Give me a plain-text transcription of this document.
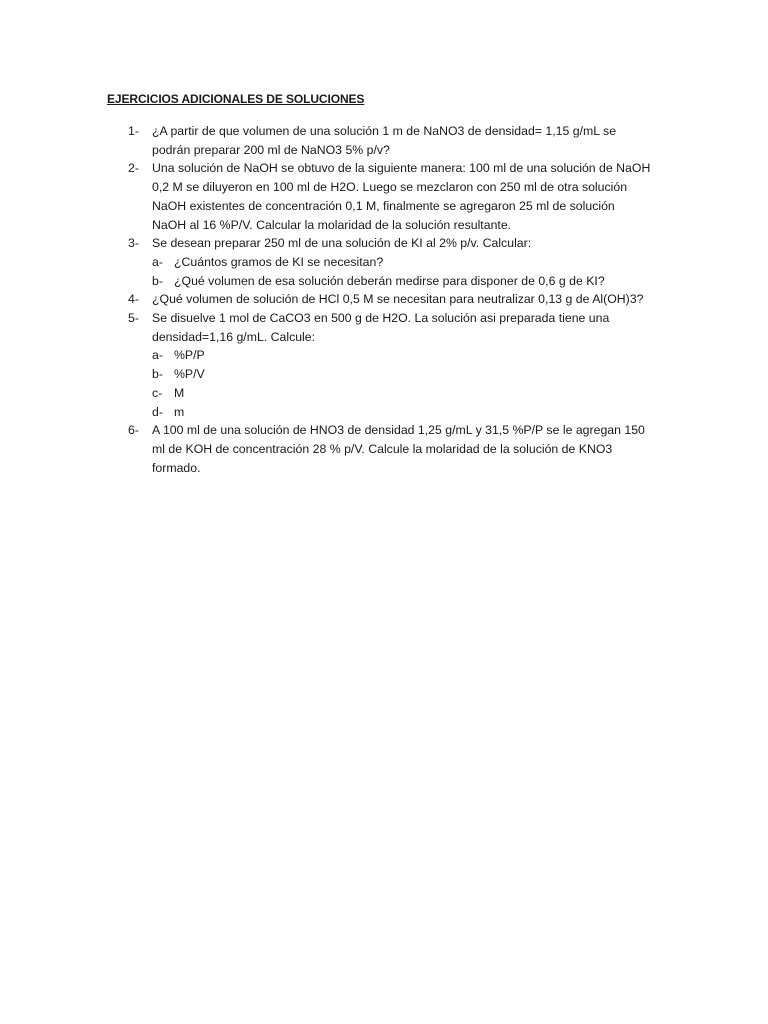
EJERCICIOS ADICIONALES DE SOLUCIONES
1- ¿A partir de que volumen de una solución 1 m de NaNO3 de densidad= 1,15 g/mL se
podrán preparar 200 ml de NaNO3 5% p/v?
2- Una solución de NaOH se obtuvo de la siguiente manera: 100 ml de una solución de NaOH
0,2 M se diluyeron en 100 ml de H2O. Luego se mezclaron con 250 ml de otra solución
NaOH existentes de concentración 0,1 M, finalmente se agregaron 25 ml de solución
NaOH al 16 %P/V. Calcular la molaridad de la solución resultante.
3- Se desean preparar 250 ml de una solución de KI al 2% p/v. Calcular:
a- ¿Cuántos gramos de KI se necesitan?
b- ¿Qué volumen de esa solución deberán medirse para disponer de 0,6 g de KI?
4- ¿Qué volumen de solución de HCl 0,5 M se necesitan para neutralizar 0,13 g de Al(OH)3?
5- Se disuelve 1 mol de CaCO3 en 500 g de H2O. La solución asi preparada tiene una
densidad=1,16 g/mL. Calcule:
a- %P/P
b- %P/V
c- M
d- m
6- A 100 ml de una solución de HNO3 de densidad 1,25 g/mL y 31,5 %P/P se le agregan 150
ml de KOH de concentración 28 % p/V. Calcule la molaridad de la solución de KNO3
formado.
